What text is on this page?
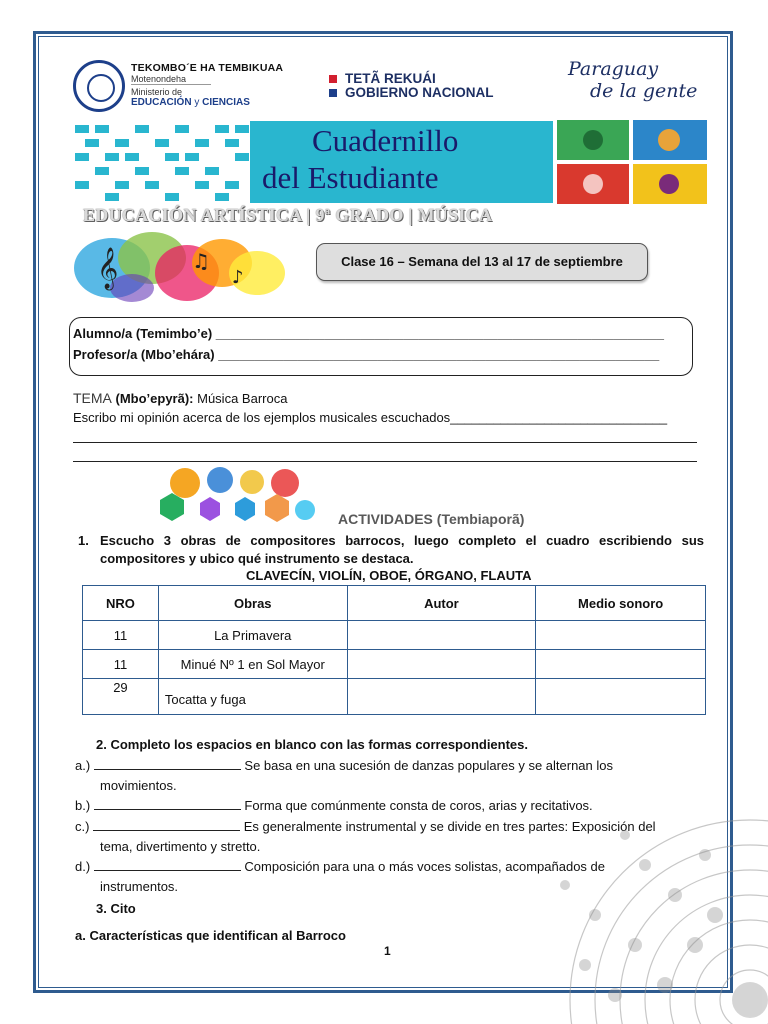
TEKOMBO´E HA TEMBIKUAA
Motenondeha
Ministerio de
EDUCACIÓN y CIENCIAS
TETÃ REKUÁI
GOBIERNO NACIONAL
Paraguay
de la gente
Cuadernillo
del Estudiante
EDUCACIÓN ARTÍSTICA | 9ª GRADO | MÚSICA
𝄞	♫
♪
Clase 16 – Semana del 13 al 17 de septiembre
Alumno/a (Temimbo’e) ______________________________________________________________
Profesor/a (Mbo’ehára) _____________________________________________________________
TEMA (Mbo’epyrã): Música Barroca
Escribo mi opinión acerca de los ejemplos musicales escuchados______________________________
ACTIVIDADES (Tembiaporã)
1. Escucho 3 obras de compositores barrocos, luego completo el cuadro escribiendo sus compositores y ubico qué instrumento se destaca.
CLAVECÍN, VIOLÍN, OBOE, ÓRGANO, FLAUTA
NRO	Obras	Autor	Medio sonoro
11	La Primavera		
11	Minué Nº 1 en Sol Mayor		
29	Tocatta y fuga		
2. Completo los espacios en blanco con las formas correspondientes.
a.)	Se basa en una sucesión de danzas populares y se alternan los
movimientos.
b.)	Forma que comúnmente consta de coros, arias y recitativos.
c.)	Es generalmente instrumental y se divide en tres partes: Exposición del
tema, divertimento y stretto.
d.)	Composición para una o más voces solistas, acompañados de
instrumentos.
3. Cito
a. Características que identifican al Barroco
1
